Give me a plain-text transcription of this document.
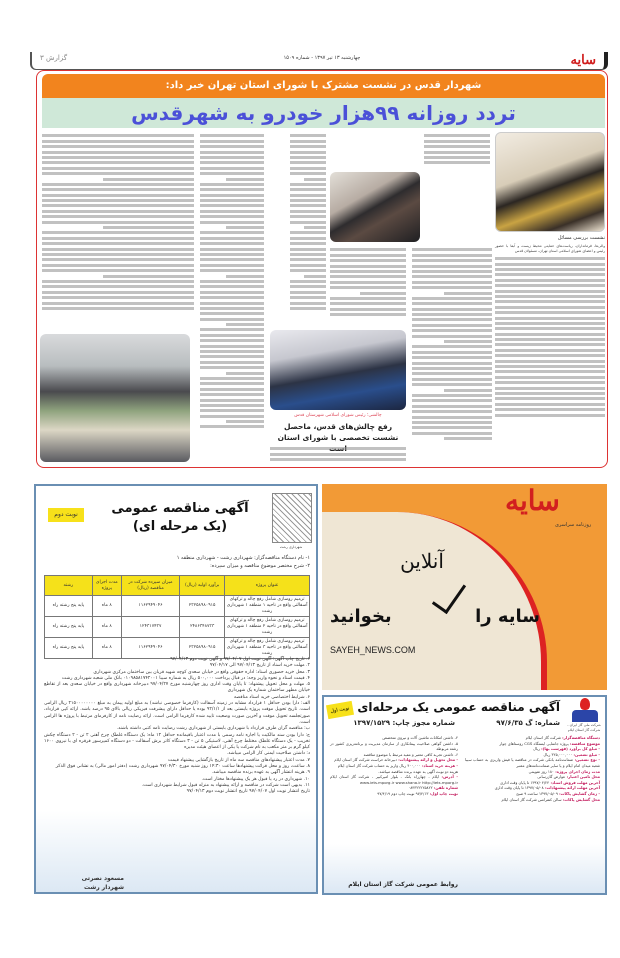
سایه
چهارشنبه ۱۳ تیر ۱۳۹۷ - شماره ۱۵۰۹
گزارش ۳
شهردار قدس در نشست مشترک با شورای استان تهران خبر داد:
تردد روزانه ۹۹هزار خودرو به شهرقدس
نشست بررسی مسائل
والی‌ها، فرمانداران، ریاست‌های حمایتی محیط زیست و آبفا با حضور رئیس و اعضای شورای اسلامی استان تهران، مسئولان قدس
چالشی؛ رئیس شورای اسلامی شهرستان قدس
رفع چالش‌های قدس، ماحصل نشست تخصصی با شورای استان
نوبت دوم	آگهی مناقصه عمومی
(یک مرحله ای)
شهرداری رشت
۱- نام دستگاه مناقصه‌گزار: شهرداری رشت - شهرداری منطقه ۱
۲- شرح مختصر موضوع مناقصه و میزان سپرده:
عنوان پروژه	برآورد اولیه (ریال)	میزان سپرده شرکت در مناقصه (ریال)	مدت اجرای پروژه	رشته
ترمیم روسازی شامل رفع چاله و ترکهای آسفالتی واقع در ناحیه ۱ منطقه ۱ شهرداری رشت	۲۳۲۵۸۹۸۰۹۱۵	۱۱۶۲۹۴۹۰۴۶	۸ ماه	پایه پنج رشته راه
ترمیم روسازی شامل رفع چاله و ترکهای آسفالتی واقع در ناحیه ۲ منطقه ۱ شهرداری رشت	۲۴۸۶۳۴۸۷۳۳	۱۲۴۳۱۷۴۳۷	۸ ماه	پایه پنج رشته راه
ترمیم روسازی شامل رفع چاله و ترکهای آسفالتی واقع در ناحیه ۳ منطقه ۱ شهرداری رشت	۲۳۲۵۸۹۸۰۹۱۵	۱۱۶۲۹۴۹۰۴۶	۸ ماه	پایه پنج رشته راه
۱. تاریخ چاپ آگهی: آگهی نوبت اول ۹۷/۰۴/۰۷ و آگهی نوبت دوم ۹۷/۰۴/۱۳
۲. مهلت خرید اسناد از تاریخ ۹۷/۰۴/۱۳ الی ۹۷/۰۴/۱۷
۳. محل خرید حضوری اسناد: اداره حقوقی واقع در خیابان سعدی کوچه شهید قربان بین ساختمان مرکزی شهرداری
۴. قیمت اسناد و نحوه واریز وجه: در قبال پرداخت ۵۰۰,۰۰۰ ریال به شماره سیبا ۰۱۰۹۸۵۸۱۷۴۲۰۰۱ بانک ملی شعبه شهرداری رشت
۵. مهلت و محل تحویل پیشنهاد: تا پایان وقت اداری روز چهارشنبه مورخ ۹۷/۰۴/۲۷ دبیرخانه شهرداری واقع در خیابان سعدی بعد از تقاطع خیابان مطهر ساختمان شماره یک شهرداری
۶. شرایط اختصاصی خرید اسناد مناقصه
الف: دارا بودن حداقل ۱ قرارداد مشابه در زمینه آسفالت (کارفرما خصوصی نباشد) به مبلغ اولیه پیمان به مبلغ ۲۱۵۰۰۰۰۰۰۰۰ ریال الزامی است. تاریخ تحویل موقت پروژه بایستی بعد از ۹۲/۱/۱ بوده یا حداقل دارای پیشرفت فیزیکی ریالی بالای ۹۵ درصد باشد. ارائه کپی قرارداد، صورتجلسه تحویل موقت و آخرین صورت وضعیت تایید شده کارفرما الزامی است. ارائه رضایت نامه از کارفرمای مرتبط با پروژه ها الزامی است.
ب: مناقصه گران طرف قرارداد با شهرداری بایستی از شهرداری رشت رضایت نامه کتبی داشته باشند.
ج: دارا بودن سند مالکیت یا اجاره نامه رسمی با مدت اعتبار باقیمانده حداقل ۱۲ ماه: یک دستگاه غلطک چرخ آهنی ۲ تن - ۲ دستگاه چکش تخریب - یک دستگاه غلطک مختلط چرخ آهنی، لاستیکی ۵ تن - ۳ دستگاه کاتر برش آسفالت - دو دستگاه کمپرسور قرقره ای با نیروی ۱۶۰۰ کیلو گرم بر متر مکعب به نام شرکت یا یکی از اعضای هیئت مدیره
د: داشتن صلاحیت ایمنی کار الزامی میباشد.
۷. مدت اعتبار پیشنهادهای مناقصه سه ماه از تاریخ بازگشایی پیشنهاد قیمت
۸. ساعت، روز و محل قرائت پیشنهادها ساعت ۱۴:۳۰ روز شنبه مورخ ۹۷/۰۴/۳۰ شهرداری رشت (دفتر امور مالی) به نشانی فوق الذکر
۹. هزینه انتشار آگهی به عهده برنده مناقصه میباشد.
۱۰. شهرداری در رد یا قبول هر یک پیشنهادها مختار است.
۱۱. بدیهی است شرکت در مناقصه و ارائه پیشنهاد به منزله قبول شرایط شهرداری است.
تاریخ انتشار نوبت اول ۹۷/۰۴/۰۷ تاریخ انتشار نوبت دوم ۹۷/۰۴/۱۳
مسعود نصرتی
شهردار رشت
سایه
روزنامه سراسری
آنلاین
سایه را
بخوانید
SAYEH_NEWS.COM
نوبت اول آگهی مناقصه عمومی یک مرحله‌ای
شرکت ملی گاز ایران - شرکت گاز استان ایلام
شماره: گ ۹۷/۶/۳۵
شماره مجوز چاپ: ۱۳۹۷/۱۵۲۹
دستگاه مناقصه‌گزار: شرکت گاز استان ایلام
موضوع مناقصه: پروژه جانمایی ایستگاه CGS روستاهای چوار
- مبلغ کل برآورد (فهرست بها): ریال
- مبلغ تضمین: ۳۲۵,۰۰۰,۰۰۰ ریال
- نوع تضمین: ضمانت‌نامه بانکی شرکت در مناقصه یا فیش واریزی به حساب سیبا شعبه میدان امام ایلام و یا سایر ضمانت‌نامه‌های معتبر
مدت زمان اجرای پروژه: ۱۸۰ روز تقویمی
محل تامین اعتبار: عوارض گازرسانی
آخرین مهلت فروش اسناد: ۱۳۹۷/۰۴/۲۴ تا پایان وقت اداری
آخرین مهلت ارائه پیشنهادات: ۱۳۹۷/۰۵/۰۸ تا پایان وقت اداری
- زمان گشایش پاکات: ۱۳۹۷/۰۵/۰۹ ساعت ۹ صبح
محل گشایش پاکات: سالن کنفرانس شرکت گاز استان ایلام
۴- داشتن امکانات ماشین آلات و نیروی متخصص
۵- داشتن گواهی صلاحیت پیمانکاری از سازمان مدیریت و برنامه‌ریزی کشور در رشته مربوطه
۶- داشتن تجربه کافی معتبر و مفید مرتبط با موضوع مناقصه
- محل تحویل و ارائه پیشنهادات: دبیرخانه حراست شرکت گاز استان ایلام
- هزینه خرید اسناد: ۴۰۰,۰۰۰ ریال واریز به حساب شرکت گاز استان ایلام
هزینه دو نوبت آگهی به عهده برنده مناقصه میباشد.
- آدرس: ایلام - چهارراه بانک - بلوار امیرکبیر - شرکت گاز استان ایلام www.iets.mporg.ir www.shana.ir http://iets.mporg.ir
شماره تلفن: ۰۸۴۳۲۲۲۲۵۸۲۲
نوبت چاپ اول: ۹۷/۴/۱۳ نوبت چاپ دوم ۹۷/۴/۱۹
روابط عمومی شرکت گاز استان ایلام
